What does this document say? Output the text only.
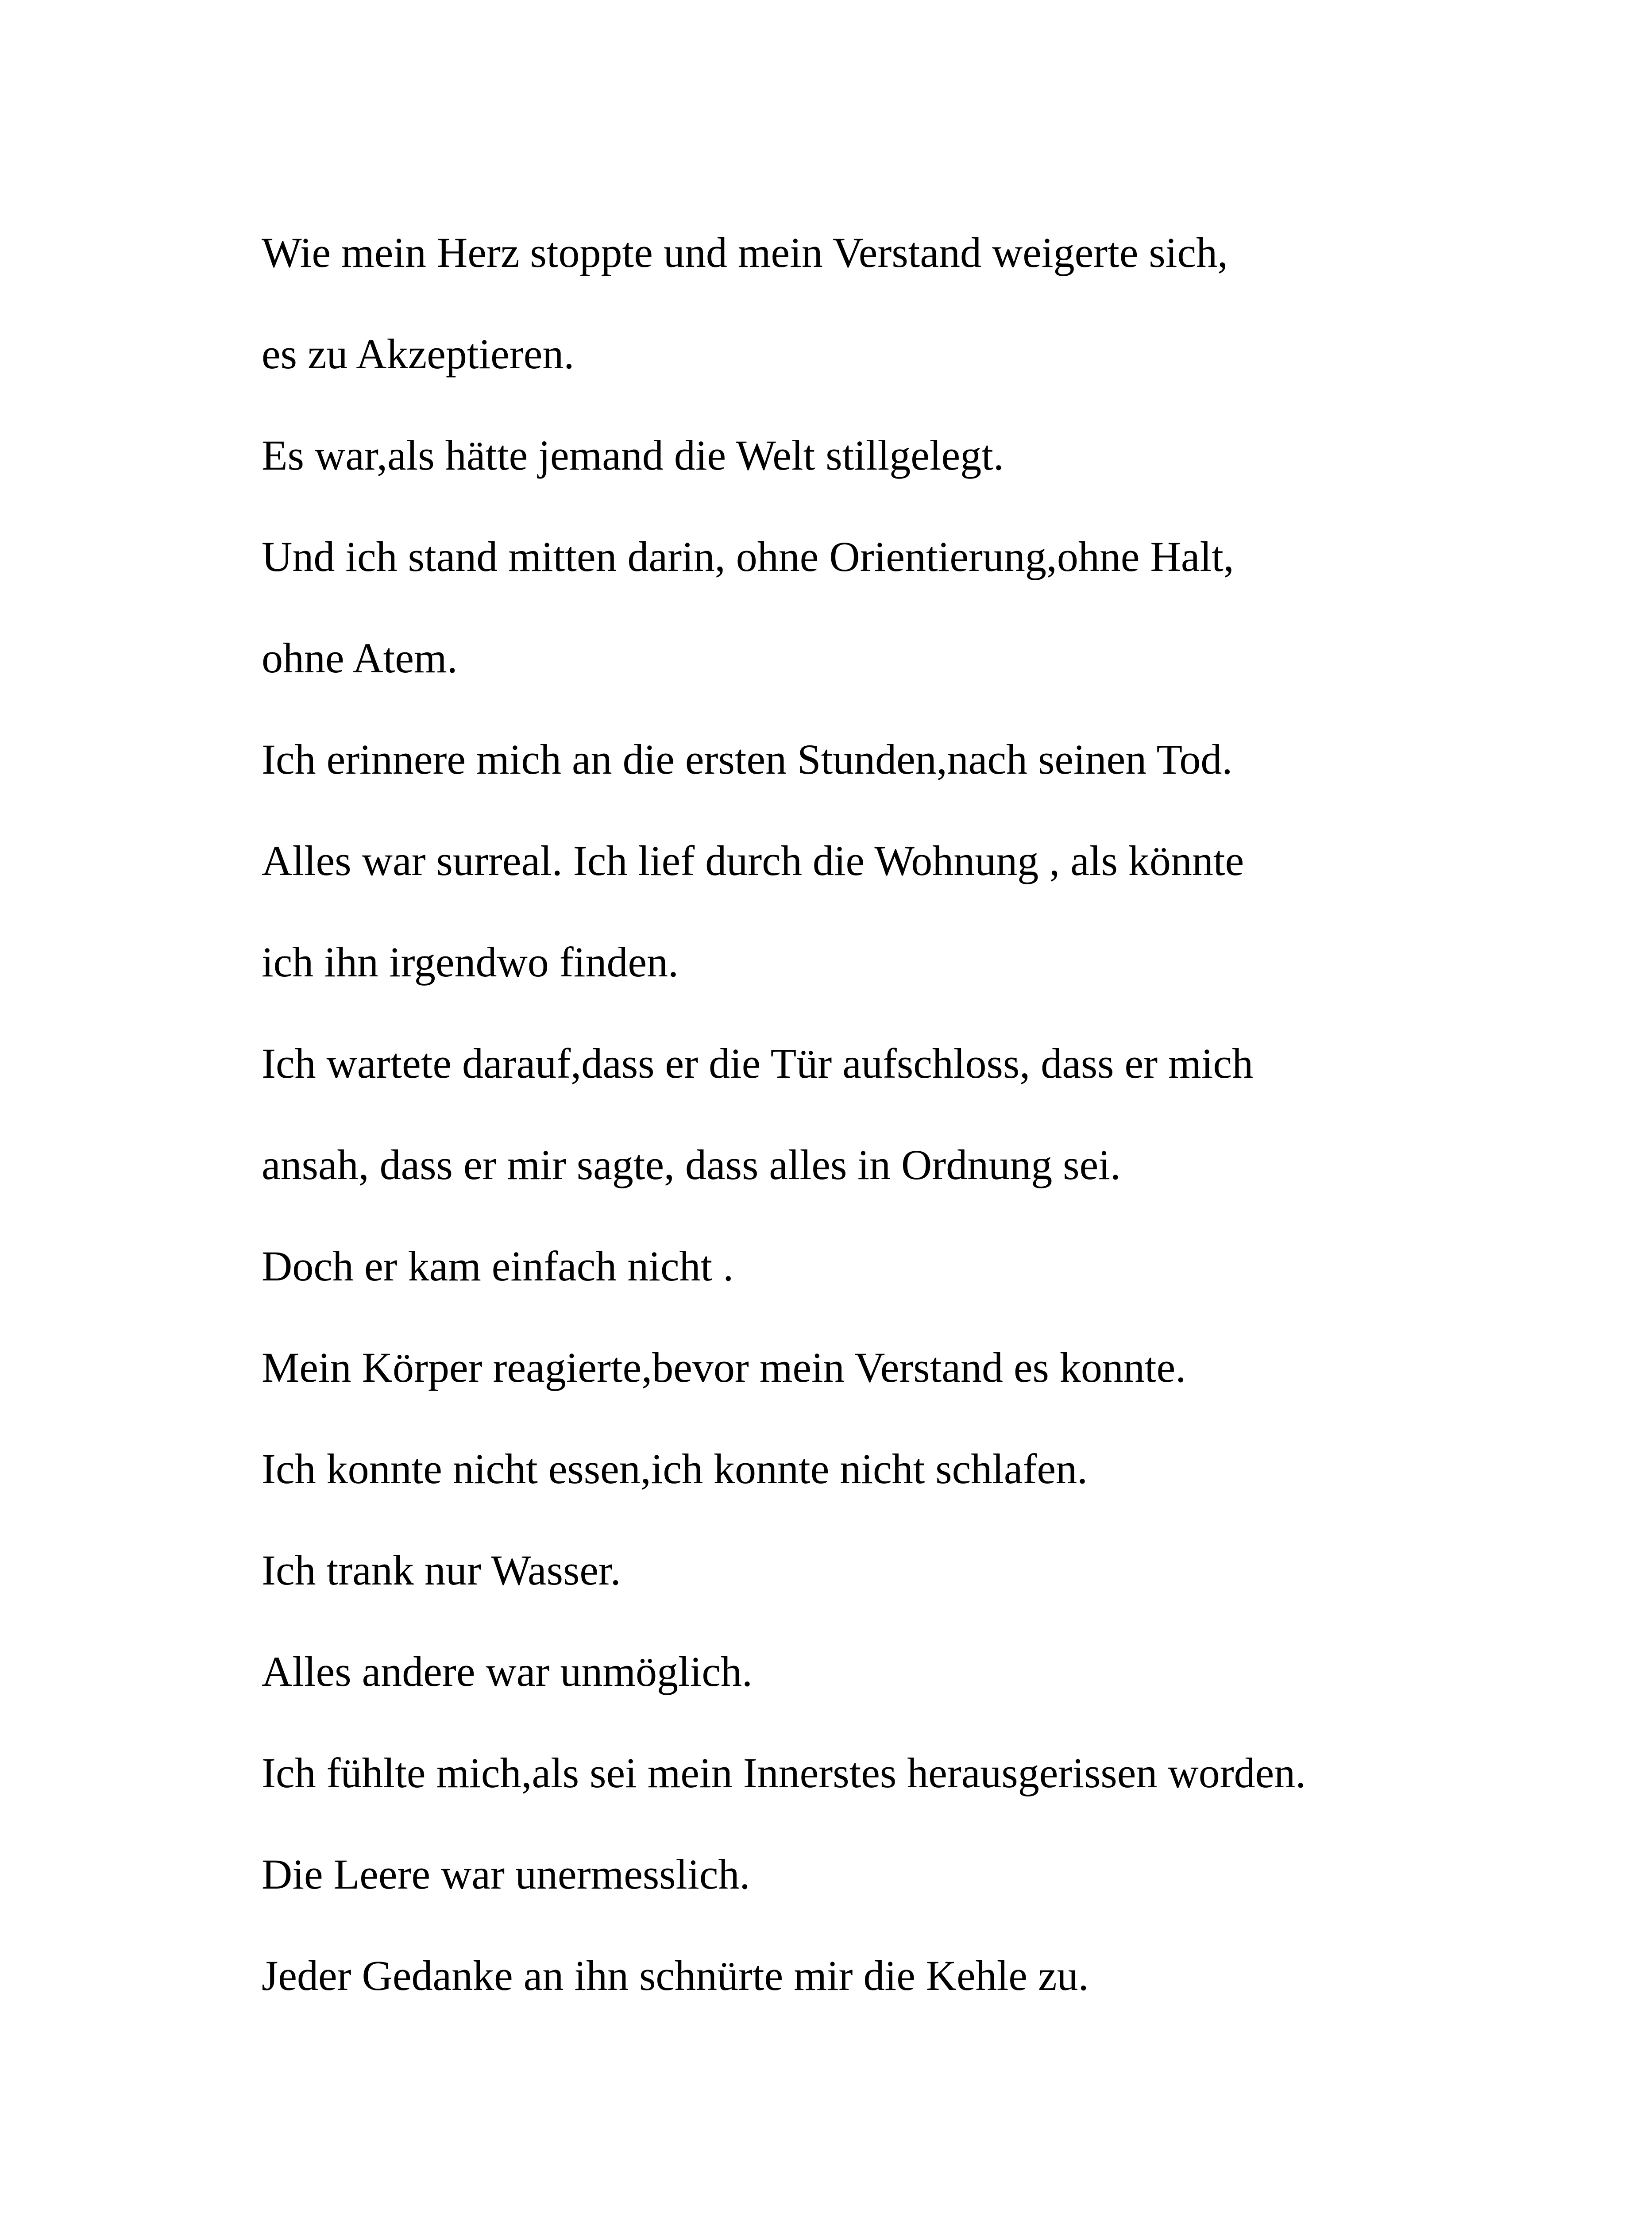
Wie mein Herz stoppte und mein Verstand weigerte sich,

es zu Akzeptieren.

Es war,als hätte jemand die Welt stillgelegt.

Und ich stand mitten darin, ohne Orientierung,ohne Halt,

ohne Atem.

Ich erinnere mich an die ersten Stunden,nach seinen Tod.

Alles war surreal. Ich lief durch die Wohnung , als könnte

ich ihn irgendwo finden.

Ich wartete darauf,dass er die Tür aufschloss, dass er mich

ansah, dass er mir sagte, dass alles in Ordnung sei.

Doch er kam einfach nicht .

Mein Körper reagierte,bevor mein Verstand es konnte.

Ich konnte nicht essen,ich konnte nicht schlafen.

Ich trank nur Wasser.

Alles andere war unmöglich.

Ich fühlte mich,als sei mein Innerstes herausgerissen worden.

Die Leere war unermesslich.

Jeder Gedanke an ihn schnürte mir die Kehle zu.
